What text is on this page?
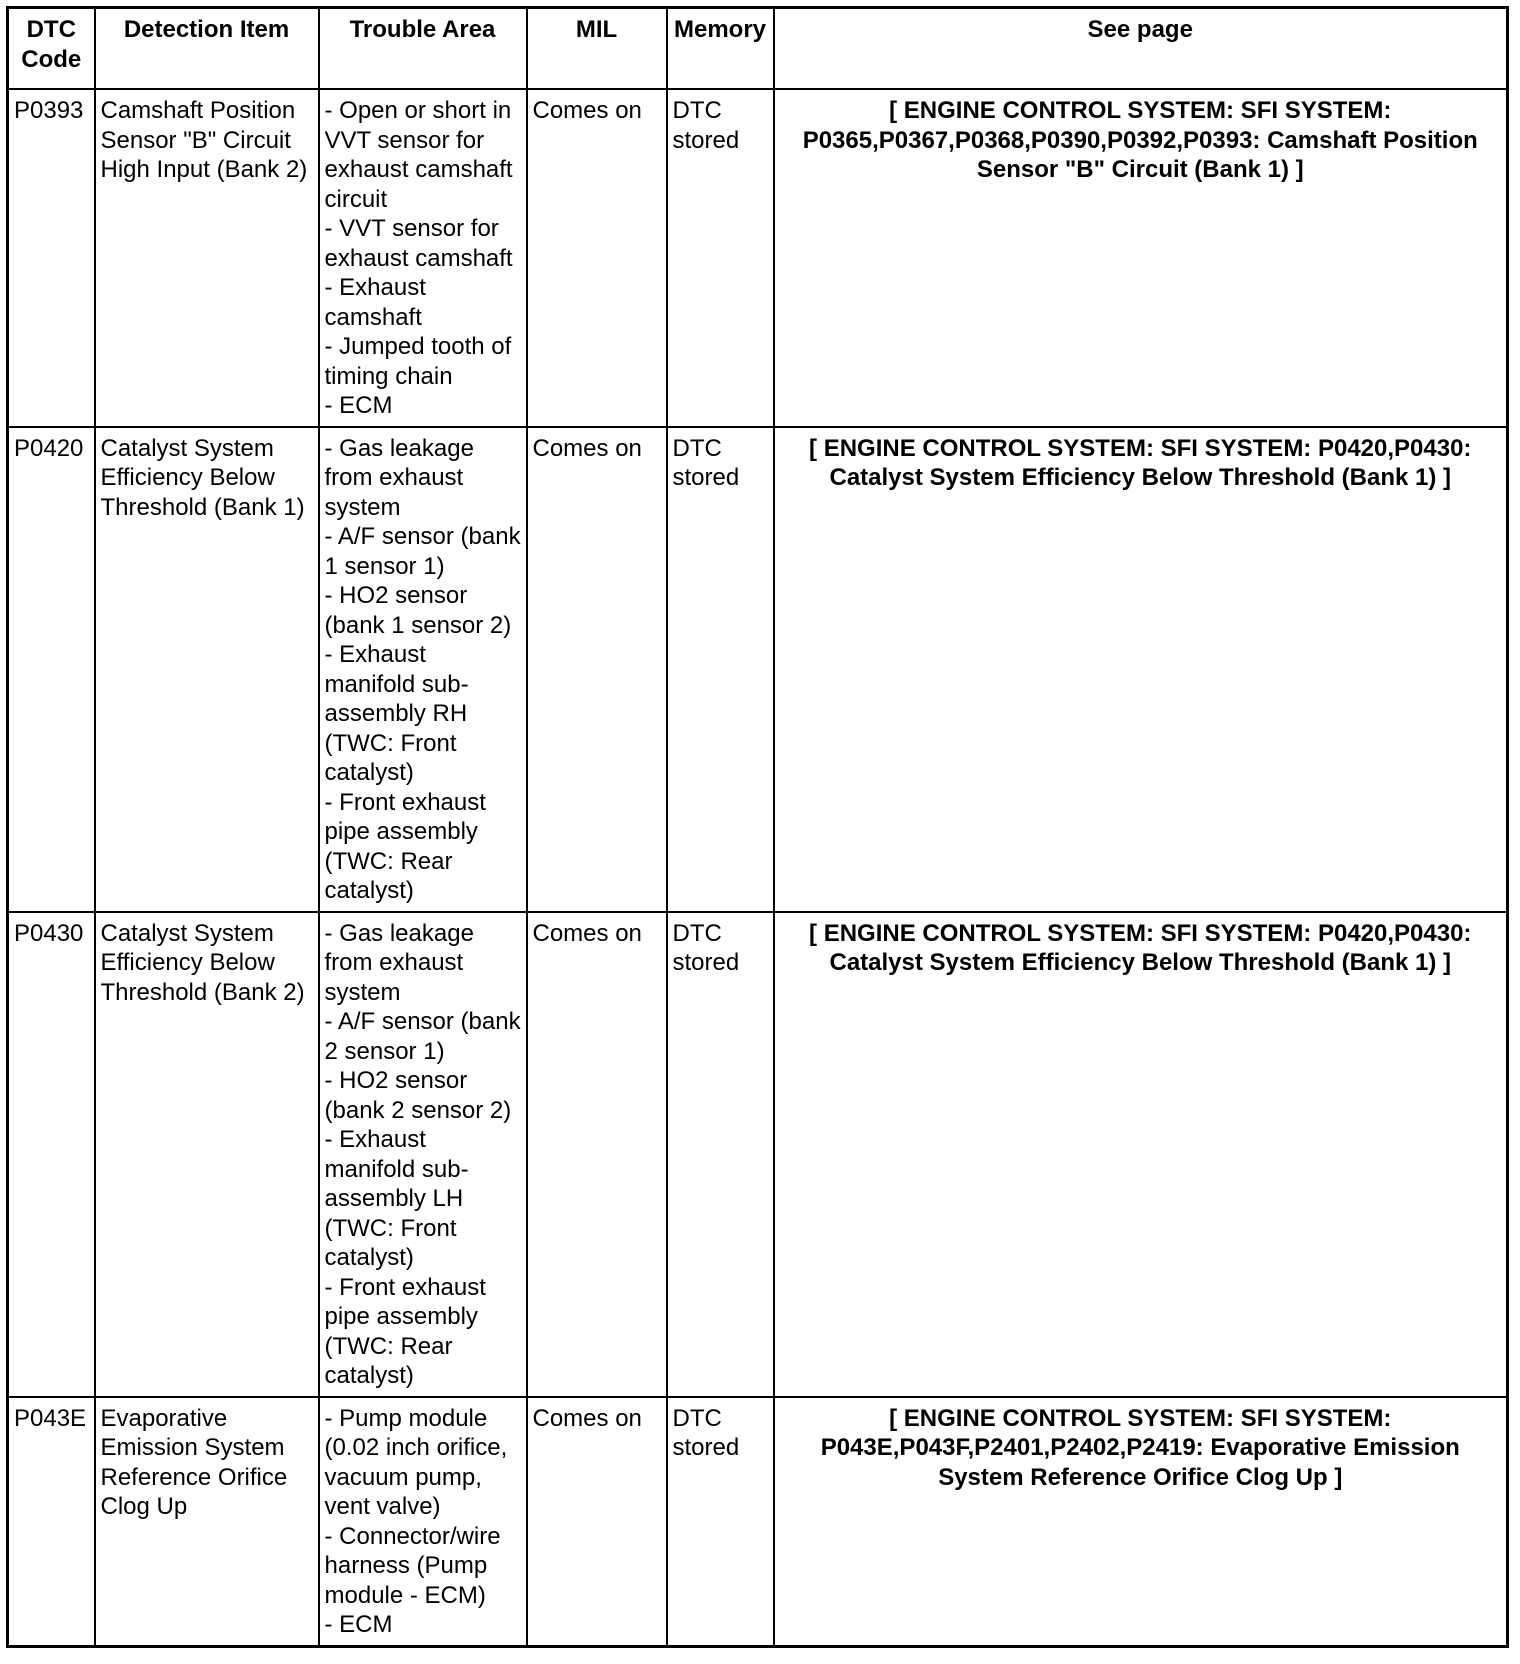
DTC Code	Detection Item	Trouble Area	MIL	Memory	See page
P0393	Camshaft Position Sensor "B" Circuit High Input (Bank 2)	- Open or short in VVT sensor for exhaust camshaft circuit
- VVT sensor for exhaust camshaft
- Exhaust camshaft
- Jumped tooth of timing chain
- ECM	Comes on	DTC stored	[ ENGINE CONTROL SYSTEM: SFI SYSTEM: P0365,P0367,P0368,P0390,P0392,P0393: Camshaft Position Sensor "B" Circuit (Bank 1) ]
P0420	Catalyst System Efficiency Below Threshold (Bank 1)	- Gas leakage from exhaust system
- A/F sensor (bank 1 sensor 1)
- HO2 sensor (bank 1 sensor 2)
- Exhaust manifold sub-assembly RH (TWC: Front catalyst)
- Front exhaust pipe assembly (TWC: Rear catalyst)	Comes on	DTC stored	[ ENGINE CONTROL SYSTEM: SFI SYSTEM: P0420,P0430: Catalyst System Efficiency Below Threshold (Bank 1) ]
P0430	Catalyst System Efficiency Below Threshold (Bank 2)	- Gas leakage from exhaust system
- A/F sensor (bank 2 sensor 1)
- HO2 sensor (bank 2 sensor 2)
- Exhaust manifold sub-assembly LH (TWC: Front catalyst)
- Front exhaust pipe assembly (TWC: Rear catalyst)	Comes on	DTC stored	[ ENGINE CONTROL SYSTEM: SFI SYSTEM: P0420,P0430: Catalyst System Efficiency Below Threshold (Bank 1) ]
P043E	Evaporative Emission System Reference Orifice Clog Up	- Pump module (0.02 inch orifice, vacuum pump, vent valve)
- Connector/wire harness (Pump module - ECM)
- ECM	Comes on	DTC stored	[ ENGINE CONTROL SYSTEM: SFI SYSTEM: P043E,P043F,P2401,P2402,P2419: Evaporative Emission System Reference Orifice Clog Up ]
